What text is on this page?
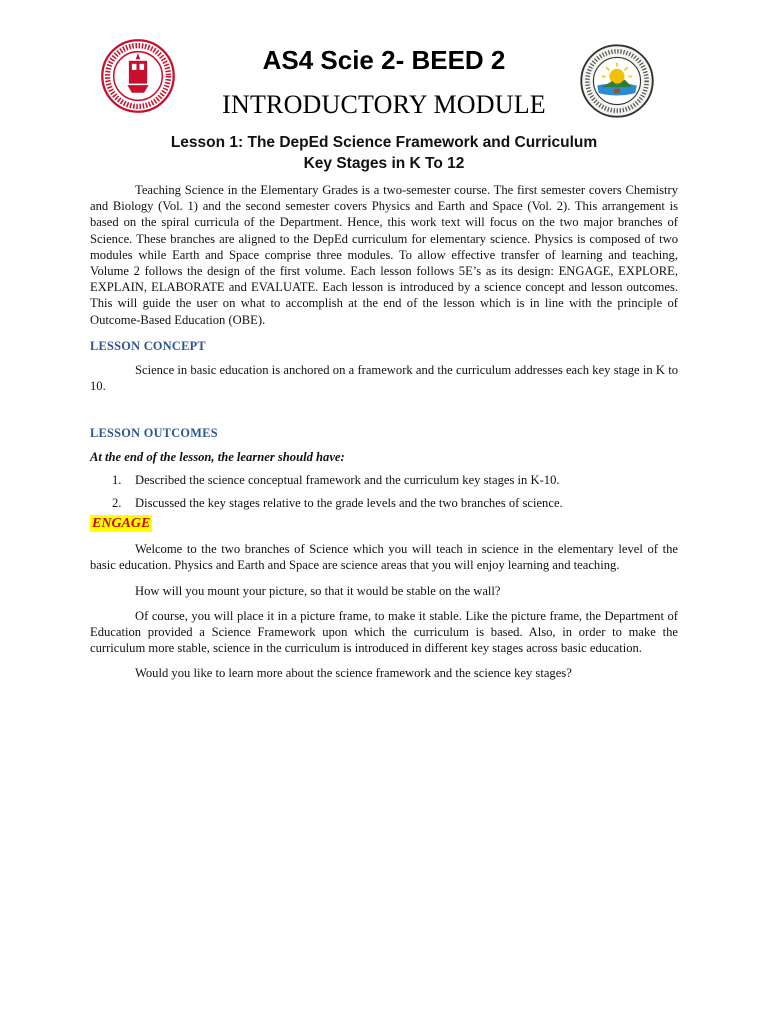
AS4 Scie 2- BEED 2
INTRODUCTORY MODULE
Lesson 1: The DepEd Science Framework and Curriculum
Key Stages in K To 12

Teaching Science in the Elementary Grades is a two-semester course. The first semester covers Chemistry and Biology (Vol. 1) and the second semester covers Physics and Earth and Space (Vol. 2). This arrangement is based on the spiral curricula of the Department. Hence, this work text will focus on the two major branches of Science. These branches are aligned to the DepEd curriculum for elementary science. Physics is composed of two modules while Earth and Space comprise three modules. To allow effective transfer of learning and teaching, Volume 2 follows the design of the first volume. Each lesson follows 5E’s as its design: ENGAGE, EXPLORE, EXPLAIN, ELABORATE and EVALUATE. Each lesson is introduced by a science concept and lesson outcomes. This will guide the user on what to accomplish at the end of the lesson which is in line with the principle of Outcome-Based Education (OBE).

LESSON CONCEPT

Science in basic education is anchored on a framework and the curriculum addresses each key stage in K to 10.

LESSON OUTCOMES

At the end of the lesson, the learner should have:

1. Described the science conceptual framework and the curriculum key stages in K-10.
2. Discussed the key stages relative to the grade levels and the two branches of science.
ENGAGE

Welcome to the two branches of Science which you will teach in science in the elementary level of the basic education. Physics and Earth and Space are science areas that you will enjoy learning and teaching.

How will you mount your picture, so that it would be stable on the wall?

Of course, you will place it in a picture frame, to make it stable. Like the picture frame, the Department of Education provided a Science Framework upon which the curriculum is based. Also, in order to make the curriculum more stable, science in the curriculum is introduced in different key stages across basic education.

Would you like to learn more about the science framework and the science key stages?
